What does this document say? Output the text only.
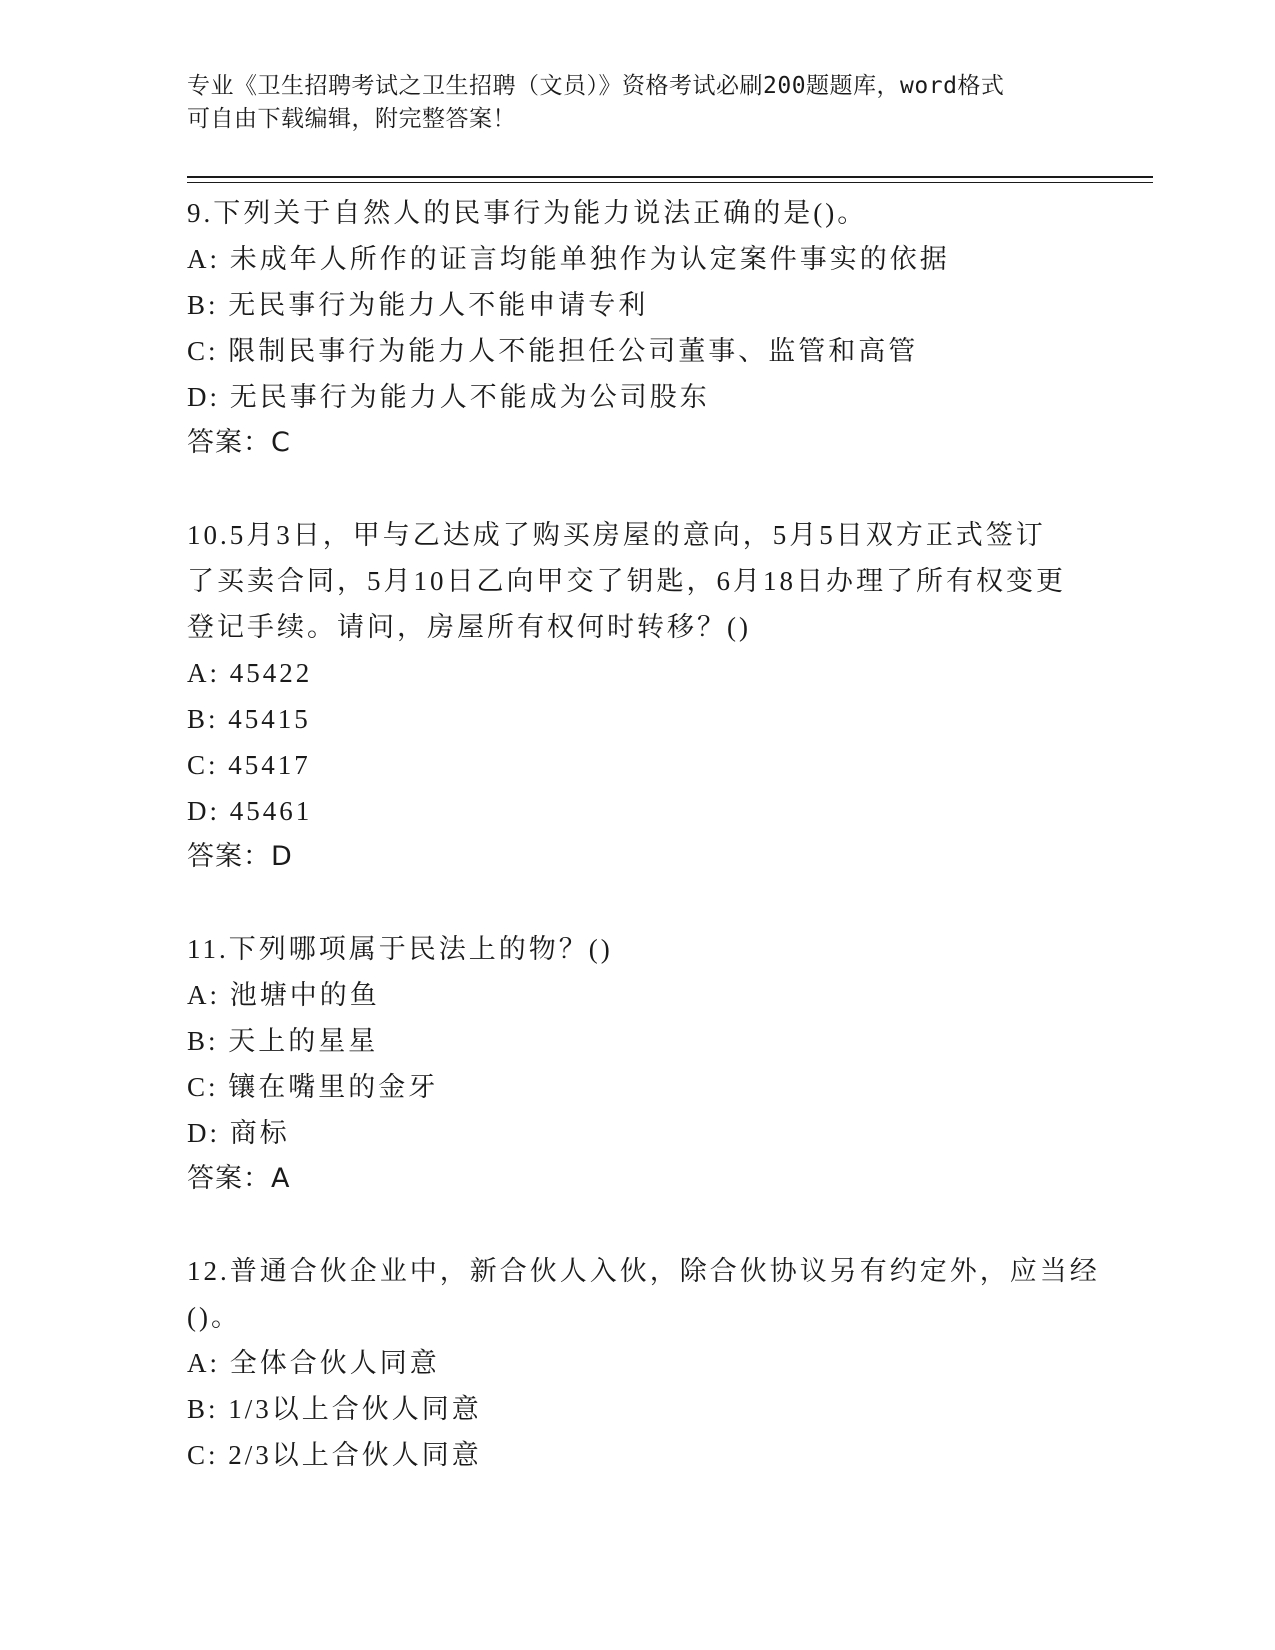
专业《卫生招聘考试之卫生招聘（文员）》资格考试必刷200题题库，word格式
可自由下载编辑，附完整答案！
9.下列关于自然人的民事行为能力说法正确的是()。
A: 未成年人所作的证言均能单独作为认定案件事实的依据
B: 无民事行为能力人不能申请专利
C: 限制民事行为能力人不能担任公司董事、监管和高管
D: 无民事行为能力人不能成为公司股东
答案：C
10.5月3日，甲与乙达成了购买房屋的意向，5月5日双方正式签订
了买卖合同，5月10日乙向甲交了钥匙，6月18日办理了所有权变更
登记手续。请问，房屋所有权何时转移？()
A: 45422
B: 45415
C: 45417
D: 45461
答案：D
11.下列哪项属于民法上的物？()
A: 池塘中的鱼
B: 天上的星星
C: 镶在嘴里的金牙
D: 商标
答案：A
12.普通合伙企业中，新合伙人入伙，除合伙协议另有约定外，应当经
()。
A: 全体合伙人同意
B: 1/3以上合伙人同意
C: 2/3以上合伙人同意
